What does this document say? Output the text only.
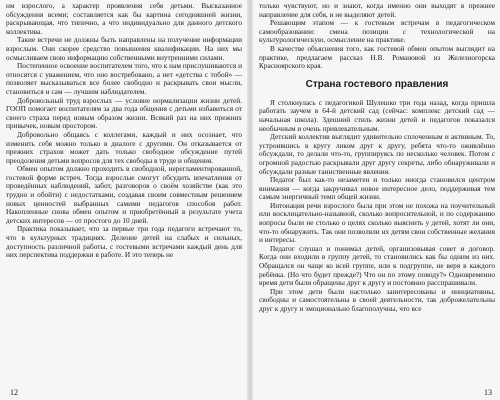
нм взрослого, а характер проявления себя детьми. Высказанное обсуждения всеми; составляется как бы картина сегодняшней жизни, раскрывающая, что типично, а что индивидуально для данного детского коллектива.

Такие встречи не должны быть направлены на получение информации взрослым. Они скорее средство повышения квалификации. На них мы осмысливаем свою информацию собственными внутренними силами.

Постепенное освоение воспитателем того, что к нам прислушиваются и относятся с уважением, что оно востребовано, а нет «детства с тобой» — позволяет высказываться все более свободно и раскрывать свои мысли, становиться и сам — лучшим наблюдателем.

Добровольный труд взрослых — условие нормализации жизни детей. ГООП помогает воспитателям за два года общения с детьми избавиться от своего страха перед новым образом жизни. Всякий раз на них прежних привычек, новым простором.

Добровольно общаясь с коллегами, каждый и них осознает, что изменить себя можно только в диалоге с другими. Он отказывается от прежних страхов может дать только свободное обсуждение путей преодоления детьми вопросов для тех свободы в труде и общения.

Обмен опытом должно проходить в свободной, нерегламентированной, гостевой форме встреч. Тогда взрослые смогут обсудить впечатления от проведённых наблюдений, забот, разговоров о своём хозяйстве (как это трудно и обойти) с недостатками, создавая своим совместным решением новых ценностей выбранных самими педагогов способов работ. Накопленные снова обмен опытом и приобретённый в результате учета детских интересов — от простого до 10 дней.

Практика показывает, что за первые три года педагоги встречают то, что в культурных традициях. Деление детей на слабых и сильных, доступность различной работы, с гостевыми встречами каждый день для них перспектива поддержки в работе. И это теперь не

12

только чувствуют, но и знают, когда именно они выходят в прежнее направление для себя, и не выделяют детей.

Решающим этапом — к гостевым встречам в педагогическом самообразовании: смена позиции с технологической на культурологическую, осмысление на практике.

В качестве объяснения того, как гостевой обмен опытом выглядит на практике, предлагаем рассказ Н.В. Романовой из Железногорска Красноярского края.

Страна гостевого правления

Я столкнулась с педагогикой Шулешко три года назад, когда пришла работать заучем в 64-й детский сад (сейчас: комплекс детский сад — начальная школа). Здешний стиль жизни детей и педагогов показался необычным и очень привлекательным.

Детский коллектив выглядит удивительно сплоченным и активным. То, устроившись в кругу ликом друг к другу, ребята что-то оживлённо обсуждали, то делали что-то, группируясь по несколько человек. Потом с огромной радостью раскрывали друг другу секреты, либо обнаруживали и обсуждали разные таинственные явления.

Педагог был как-то незаметен и только иногда становился центром внимания — когда закручивал новое интересное дело, поддерживая тем самым энергичный темп общей жизни.

Интонация речи взрослого была при этом не похожа на поучительный или восклицательно-назывной, сколько вопросительной, и по содержанию вопросы были не столько о целях сколько выяснить у детей, хотят ли они, что-то обнаружить. Так они позволяли их детям свои собственные желания и интересы.

Педагог слушал и понимал детей, организовывая совет и договор. Когда они входили в группу детей, то становились как бы одним из них. Обращался он чаще ко всей группе, или к подгруппе, не веря в каждого ребёнка. (Но что будет прежде?) Что он по этому поводу?» Одновременно время дети были обращены друг к другу и постоянно расспрашивали.

При этом дети были настолько заинтересованы и инициативны, свободны и самостоятельны в своей деятельности, так доброжелательны друг к другу и эмоционально благополучны, что все

13
